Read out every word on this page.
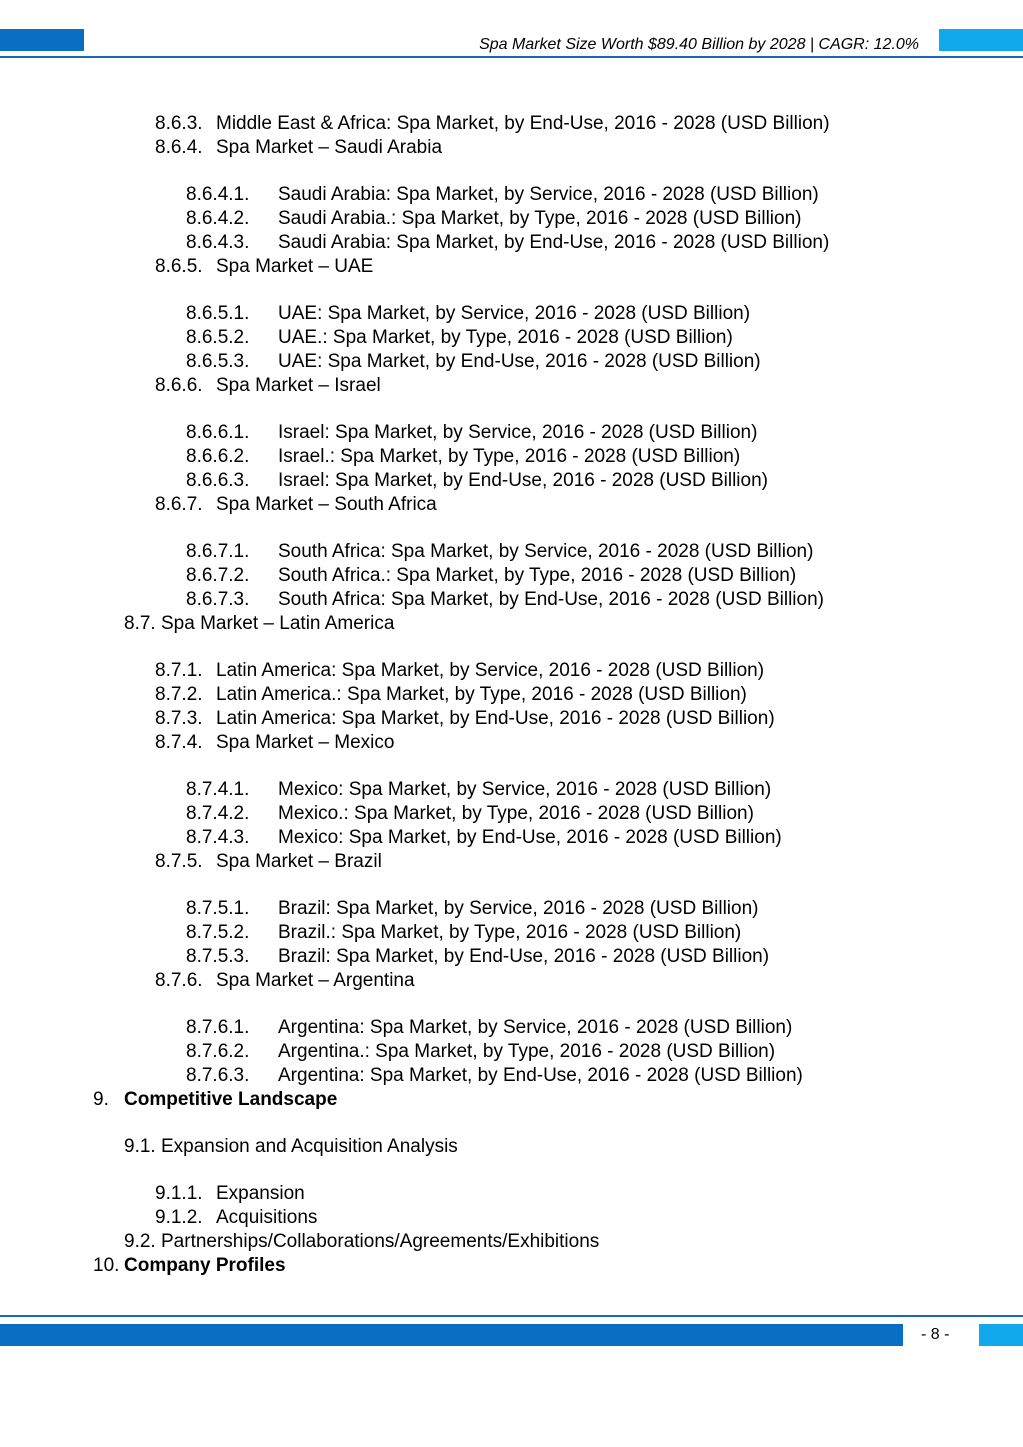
Spa Market Size Worth $89.40 Billion by 2028 | CAGR: 12.0%
8.6.3. Middle East & Africa: Spa Market, by End-Use, 2016 - 2028 (USD Billion)
8.6.4. Spa Market – Saudi Arabia
8.6.4.1. Saudi Arabia: Spa Market, by Service, 2016 - 2028 (USD Billion)
8.6.4.2. Saudi Arabia.: Spa Market, by Type, 2016 - 2028 (USD Billion)
8.6.4.3. Saudi Arabia: Spa Market, by End-Use, 2016 - 2028 (USD Billion)
8.6.5. Spa Market – UAE
8.6.5.1. UAE: Spa Market, by Service, 2016 - 2028 (USD Billion)
8.6.5.2. UAE.: Spa Market, by Type, 2016 - 2028 (USD Billion)
8.6.5.3. UAE: Spa Market, by End-Use, 2016 - 2028 (USD Billion)
8.6.6. Spa Market – Israel
8.6.6.1. Israel: Spa Market, by Service, 2016 - 2028 (USD Billion)
8.6.6.2. Israel.: Spa Market, by Type, 2016 - 2028 (USD Billion)
8.6.6.3. Israel: Spa Market, by End-Use, 2016 - 2028 (USD Billion)
8.6.7. Spa Market – South Africa
8.6.7.1. South Africa: Spa Market, by Service, 2016 - 2028 (USD Billion)
8.6.7.2. South Africa.: Spa Market, by Type, 2016 - 2028 (USD Billion)
8.6.7.3. South Africa: Spa Market, by End-Use, 2016 - 2028 (USD Billion)
8.7. Spa Market – Latin America
8.7.1. Latin America: Spa Market, by Service, 2016 - 2028 (USD Billion)
8.7.2. Latin America.: Spa Market, by Type, 2016 - 2028 (USD Billion)
8.7.3. Latin America: Spa Market, by End-Use, 2016 - 2028 (USD Billion)
8.7.4. Spa Market – Mexico
8.7.4.1. Mexico: Spa Market, by Service, 2016 - 2028 (USD Billion)
8.7.4.2. Mexico.: Spa Market, by Type, 2016 - 2028 (USD Billion)
8.7.4.3. Mexico: Spa Market, by End-Use, 2016 - 2028 (USD Billion)
8.7.5. Spa Market – Brazil
8.7.5.1. Brazil: Spa Market, by Service, 2016 - 2028 (USD Billion)
8.7.5.2. Brazil.: Spa Market, by Type, 2016 - 2028 (USD Billion)
8.7.5.3. Brazil: Spa Market, by End-Use, 2016 - 2028 (USD Billion)
8.7.6. Spa Market – Argentina
8.7.6.1. Argentina: Spa Market, by Service, 2016 - 2028 (USD Billion)
8.7.6.2. Argentina.: Spa Market, by Type, 2016 - 2028 (USD Billion)
8.7.6.3. Argentina: Spa Market, by End-Use, 2016 - 2028 (USD Billion)
9. Competitive Landscape
9.1. Expansion and Acquisition Analysis
9.1.1. Expansion
9.1.2. Acquisitions
9.2. Partnerships/Collaborations/Agreements/Exhibitions
10. Company Profiles
- 8 -
